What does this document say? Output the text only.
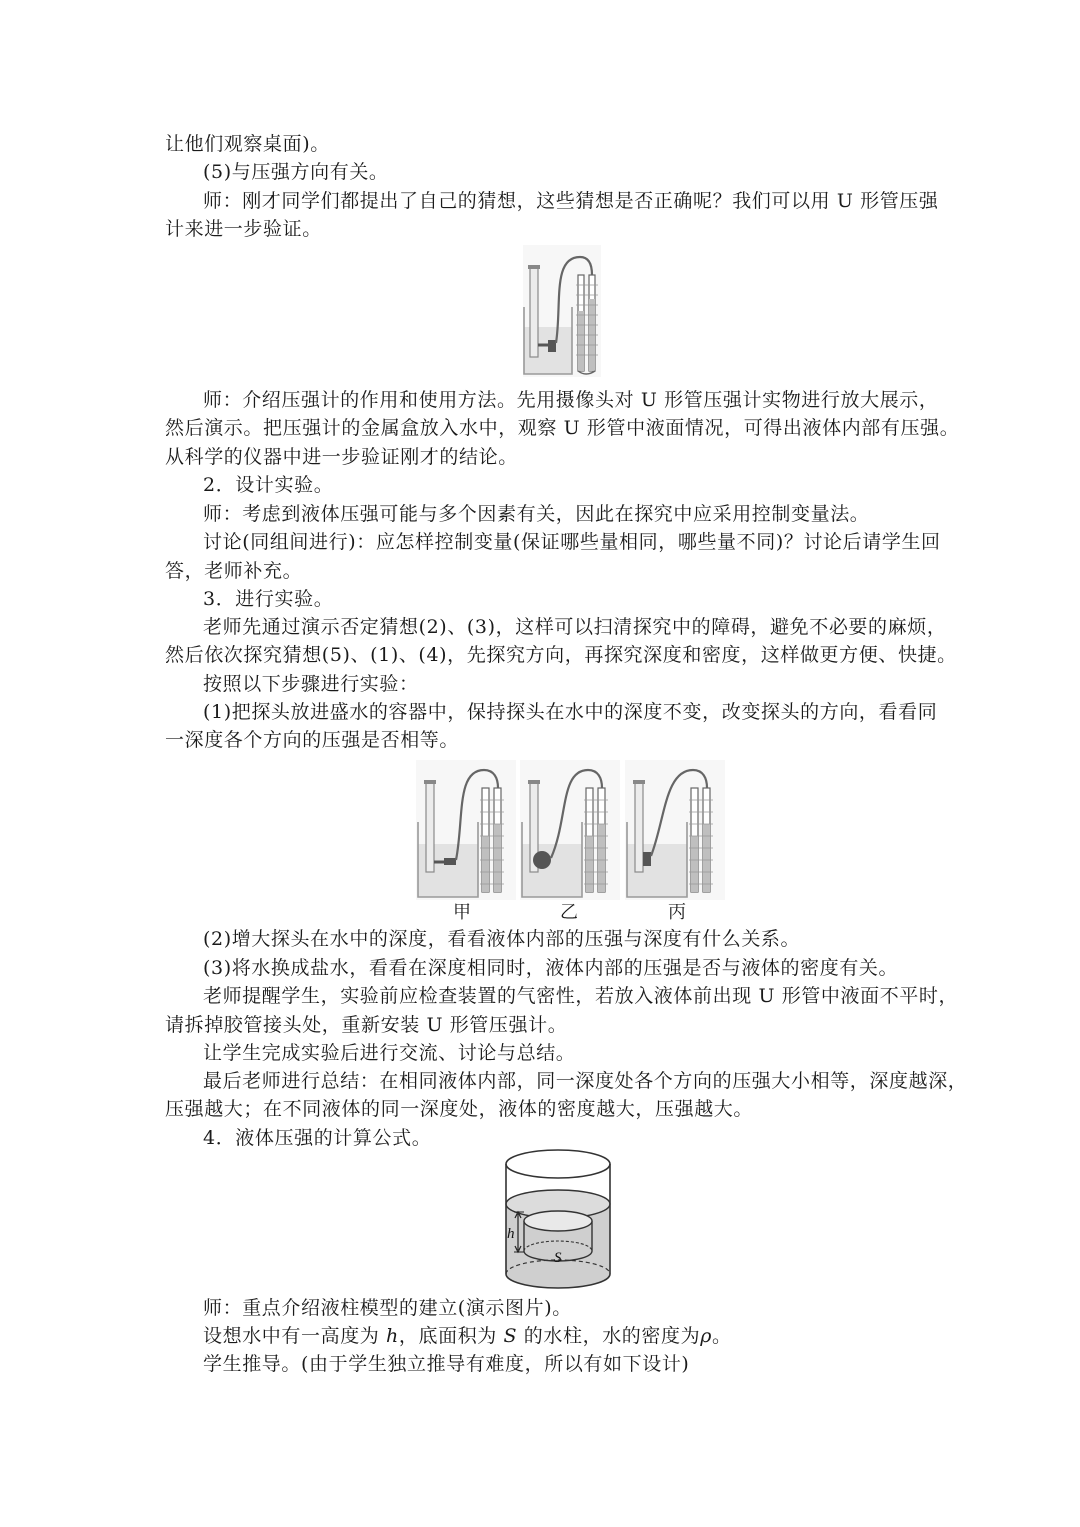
让他们观察桌面)。
(5)与压强方向有关。
师：刚才同学们都提出了自己的猜想，这些猜想是否正确呢？我们可以用 U 形管压强
计来进一步验证。
师：介绍压强计的作用和使用方法。先用摄像头对 U 形管压强计实物进行放大展示，
然后演示。把压强计的金属盒放入水中，观察 U 形管中液面情况，可得出液体内部有压强。
从科学的仪器中进一步验证刚才的结论。
2．设计实验。
师：考虑到液体压强可能与多个因素有关，因此在探究中应采用控制变量法。
讨论(同组间进行)：应怎样控制变量(保证哪些量相同，哪些量不同)？讨论后请学生回
答，老师补充。
3．进行实验。
老师先通过演示否定猜想(2)、(3)，这样可以扫清探究中的障碍，避免不必要的麻烦，
然后依次探究猜想(5)、(1)、(4)，先探究方向，再探究深度和密度，这样做更方便、快捷。
按照以下步骤进行实验：
(1)把探头放进盛水的容器中，保持探头在水中的深度不变，改变探头的方向，看看同
一深度各个方向的压强是否相等。
甲	乙	丙
(2)增大探头在水中的深度，看看液体内部的压强与深度有什么关系。
(3)将水换成盐水，看看在深度相同时，液体内部的压强是否与液体的密度有关。
老师提醒学生，实验前应检查装置的气密性，若放入液体前出现 U 形管中液面不平时，
请拆掉胶管接头处，重新安装 U 形管压强计。
让学生完成实验后进行交流、讨论与总结。
最后老师进行总结：在相同液体内部，同一深度处各个方向的压强大小相等，深度越深，
压强越大；在不同液体的同一深度处，液体的密度越大，压强越大。
4．液体压强的计算公式。
h
S
师：重点介绍液柱模型的建立(演示图片)。
设想水中有一高度为 h，底面积为 S 的水柱，水的密度为ρ。
学生推导。(由于学生独立推导有难度，所以有如下设计)
